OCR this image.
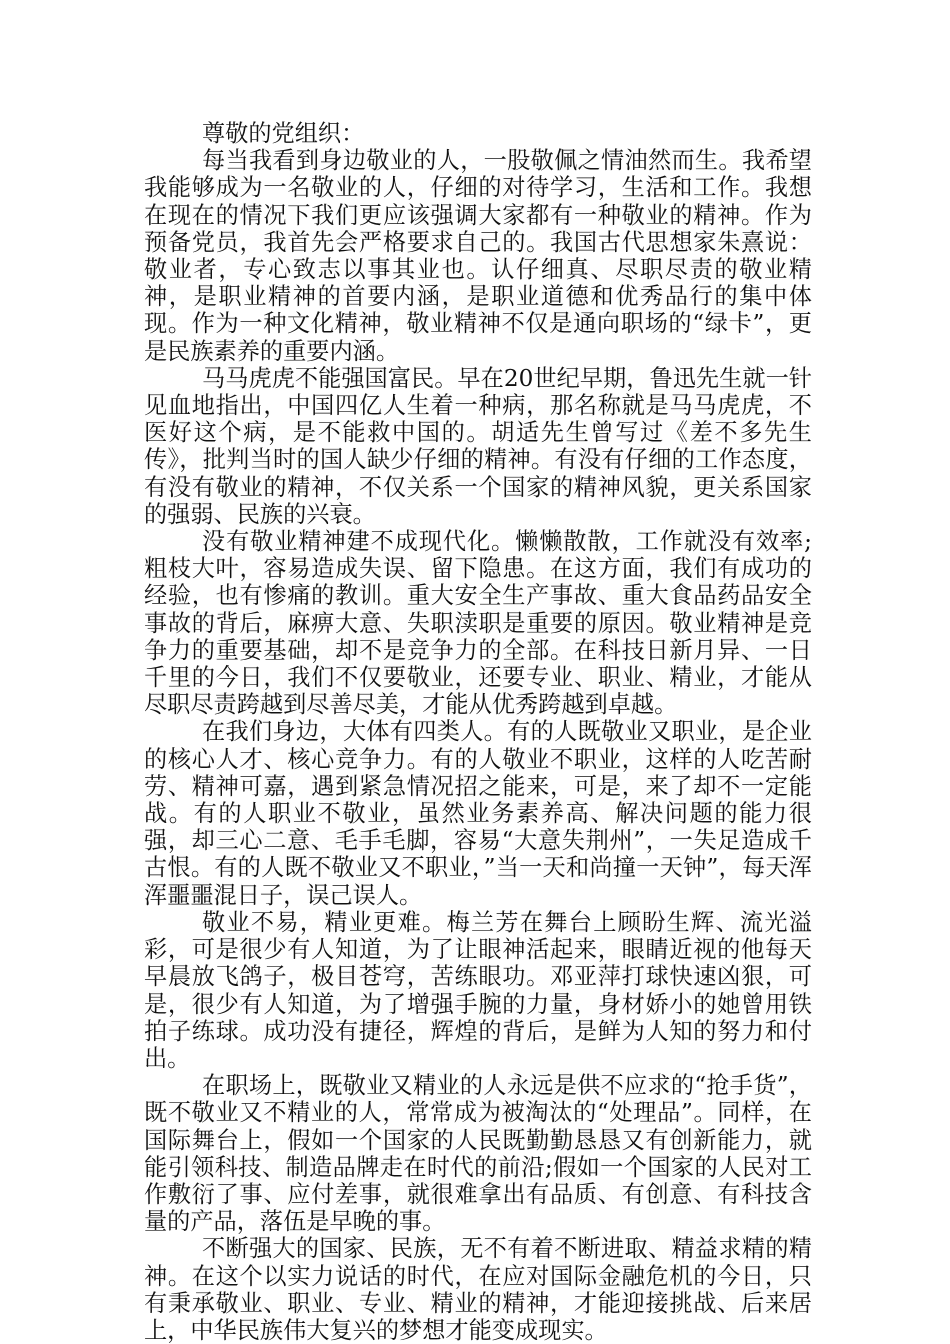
尊敬的党组织：

每当我看到身边敬业的人，一股敬佩之情油然而生。我希望我能够成为一名敬业的人，仔细的对待学习，生活和工作。我想在现在的情况下我们更应该强调大家都有一种敬业的精神。作为预备党员，我首先会严格要求自己的。我国古代思想家朱熹说：敬业者，专心致志以事其业也。认仔细真、尽职尽责的敬业精神，是职业精神的首要内涵，是职业道德和优秀品行的集中体现。作为一种文化精神，敬业精神不仅是通向职场的“绿卡”，更是民族素养的重要内涵。

马马虎虎不能强国富民。早在20世纪早期，鲁迅先生就一针见血地指出，中国四亿人生着一种病，那名称就是马马虎虎，不医好这个病，是不能救中国的。胡适先生曾写过《差不多先生传》，批判当时的国人缺少仔细的精神。有没有仔细的工作态度，有没有敬业的精神，不仅关系一个国家的精神风貌，更关系国家的强弱、民族的兴衰。

没有敬业精神建不成现代化。懒懒散散，工作就没有效率;粗枝大叶，容易造成失误、留下隐患。在这方面，我们有成功的经验，也有惨痛的教训。重大安全生产事故、重大食品药品安全事故的背后，麻痹大意、失职渎职是重要的原因。敬业精神是竞争力的重要基础，却不是竞争力的全部。在科技日新月异、一日千里的今日，我们不仅要敬业，还要专业、职业、精业，才能从尽职尽责跨越到尽善尽美，才能从优秀跨越到卓越。

在我们身边，大体有四类人。有的人既敬业又职业，是企业的核心人才、核心竞争力。有的人敬业不职业，这样的人吃苦耐劳、精神可嘉，遇到紧急情况招之能来，可是，来了却不一定能战。有的人职业不敬业，虽然业务素养高、解决问题的能力很强，却三心二意、毛手毛脚，容易“大意失荆州”，一失足造成千古恨。有的人既不敬业又不职业，”当一天和尚撞一天钟”，每天浑浑噩噩混日子，误己误人。

敬业不易，精业更难。梅兰芳在舞台上顾盼生辉、流光溢彩，可是很少有人知道，为了让眼神活起来，眼睛近视的他每天早晨放飞鸽子，极目苍穹，苦练眼功。邓亚萍打球快速凶狠，可是，很少有人知道，为了增强手腕的力量，身材娇小的她曾用铁拍子练球。成功没有捷径，辉煌的背后，是鲜为人知的努力和付出。

在职场上，既敬业又精业的人永远是供不应求的“抢手货”，既不敬业又不精业的人，常常成为被淘汰的“处理品”。同样，在国际舞台上，假如一个国家的人民既勤勤恳恳又有创新能力，就能引领科技、制造品牌走在时代的前沿;假如一个国家的人民对工作敷衍了事、应付差事，就很难拿出有品质、有创意、有科技含量的产品，落伍是早晚的事。

不断强大的国家、民族，无不有着不断进取、精益求精的精神。在这个以实力说话的时代，在应对国际金融危机的今日，只有秉承敬业、职业、专业、精业的精神，才能迎接挑战、后来居上，中华民族伟大复兴的梦想才能变成现实。
